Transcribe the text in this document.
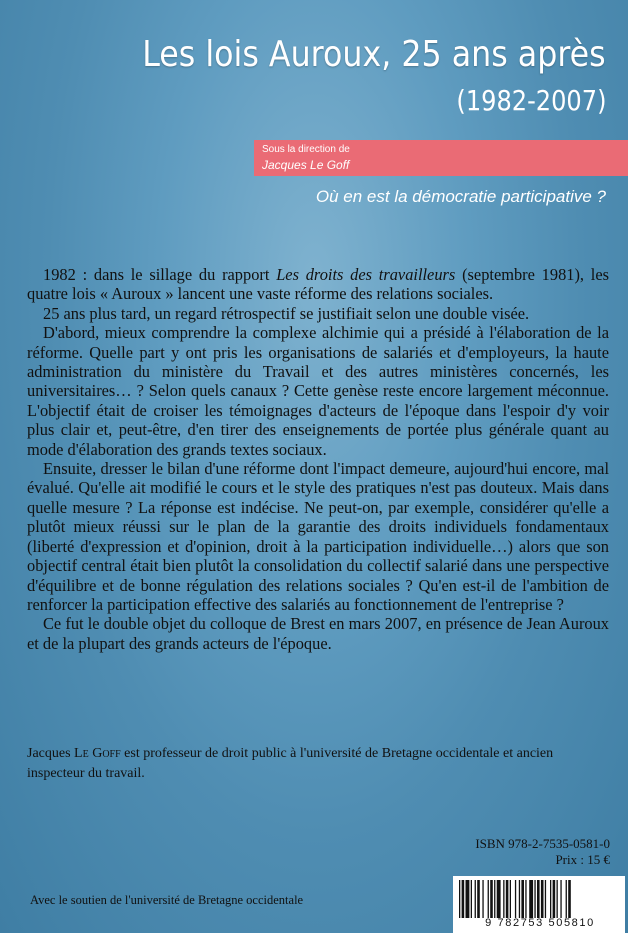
Les lois Auroux, 25 ans après
(1982-2007)
Sous la direction de
Jacques Le Goff
Où en est la démocratie participative ?

1982 : dans le sillage du rapport Les droits des travailleurs (septembre 1981), les quatre lois « Auroux » lancent une vaste réforme des relations sociales.

25 ans plus tard, un regard rétrospectif se justifiait selon une double visée.

D'abord, mieux comprendre la complexe alchimie qui a présidé à l'élaboration de la réforme. Quelle part y ont pris les organisations de salariés et d'employeurs, la haute administration du ministère du Travail et des autres ministères concernés, les universitaires… ? Selon quels canaux ? Cette genèse reste encore largement méconnue. L'objectif était de croiser les témoignages d'acteurs de l'époque dans l'espoir d'y voir plus clair et, peut-être, d'en tirer des enseignements de portée plus générale quant au mode d'élaboration des grands textes sociaux.

Ensuite, dresser le bilan d'une réforme dont l'impact demeure, aujourd'hui encore, mal évalué. Qu'elle ait modifié le cours et le style des pratiques n'est pas douteux. Mais dans quelle mesure ? La réponse est indécise. Ne peut-on, par exemple, considérer qu'elle a plutôt mieux réussi sur le plan de la garantie des droits individuels fondamentaux (liberté d'expression et d'opinion, droit à la participation individuelle…) alors que son objectif central était bien plutôt la consolidation du collectif salarié dans une perspective d'équilibre et de bonne régulation des relations sociales ? Qu'en est-il de l'ambition de renforcer la participation effective des salariés au fonctionnement de l'entreprise ?

Ce fut le double objet du colloque de Brest en mars 2007, en présence de Jean Auroux et de la plupart des grands acteurs de l'époque.

Jacques Le Goff est professeur de droit public à l'université de Bretagne occidentale et ancien inspecteur du travail.
ISBN 978-2-7535-0581-0
Prix : 15 €
Avec le soutien de l'université de Bretagne occidentale
9 782753 505810
